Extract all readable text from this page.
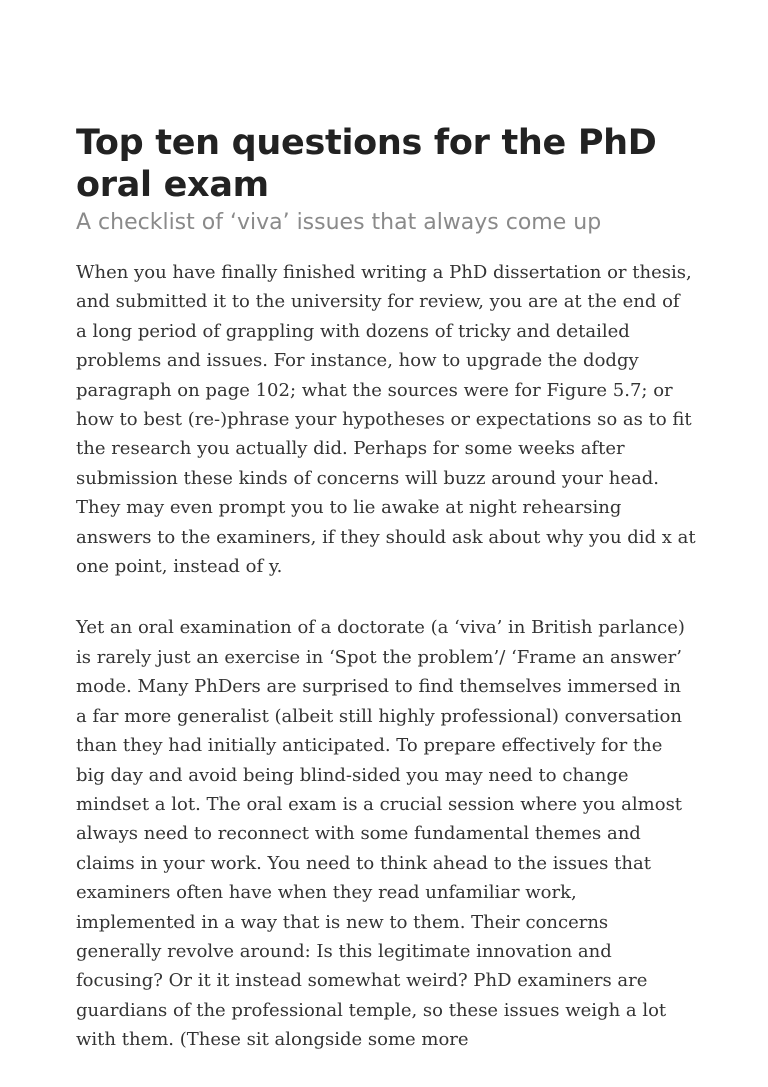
Top ten questions for the PhD oral exam
A checklist of ‘viva’ issues that always come up

When you have finally finished writing a PhD dissertation or thesis, and submitted it to the university for review, you are at the end of a long period of grappling with dozens of tricky and detailed problems and issues. For instance, how to upgrade the dodgy paragraph on page 102; what the sources were for Figure 5.7; or how to best (re-)phrase your hypotheses or expectations so as to fit the research you actually did. Perhaps for some weeks after submission these kinds of concerns will buzz around your head. They may even prompt you to lie awake at night rehearsing answers to the examiners, if they should ask about why you did x at one point, instead of y.

Yet an oral examination of a doctorate (a ‘viva’ in British parlance) is rarely just an exercise in ‘Spot the problem’/ ‘Frame an answer’ mode. Many PhDers are surprised to find themselves immersed in a far more generalist (albeit still highly professional) conversation than they had initially anticipated. To prepare effectively for the big day and avoid being blind-sided you may need to change mindset a lot. The oral exam is a crucial session where you almost always need to reconnect with some fundamental themes and claims in your work. You need to think ahead to the issues that examiners often have when they read unfamiliar work, implemented in a way that is new to them. Their concerns generally revolve around: Is this legitimate innovation and focusing? Or it it instead somewhat weird? PhD examiners are guardians of the professional temple, so these issues weigh a lot with them. (These sit alongside some more
